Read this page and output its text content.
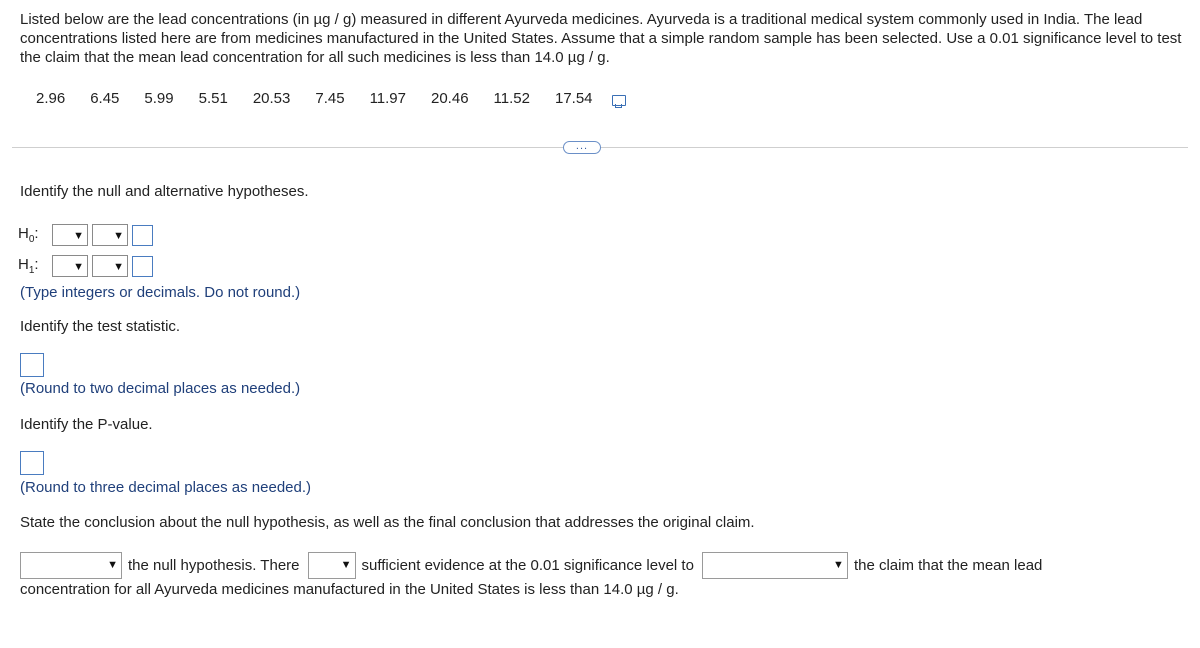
Listed below are the lead concentrations (in µg / g) measured in different Ayurveda medicines. Ayurveda is a traditional medical system commonly used in India. The lead concentrations listed here are from medicines manufactured in the United States. Assume that a simple random sample has been selected. Use a 0.01 significance level to test the claim that the mean lead concentration for all such medicines is less than 14.0 µg / g.
2.96 6.45 5.99 5.51 20.53 7.45 11.97 20.46 11.52 17.54
...
Identify the null and alternative hypotheses.
$H_0$:	▼	▼
$H_1$:	▼	▼
(Type integers or decimals. Do not round.)
Identify the test statistic.
(Round to two decimal places as needed.)
Identify the P-value.
(Round to three decimal places as needed.)
State the conclusion about the null hypothesis, as well as the final conclusion that addresses the original claim.
▼ the null hypothesis. There	▼ sufficient evidence at the 0.01 significance level to	▼ the claim that the mean lead
concentration for all Ayurveda medicines manufactured in the United States is less than 14.0 µg / g.
